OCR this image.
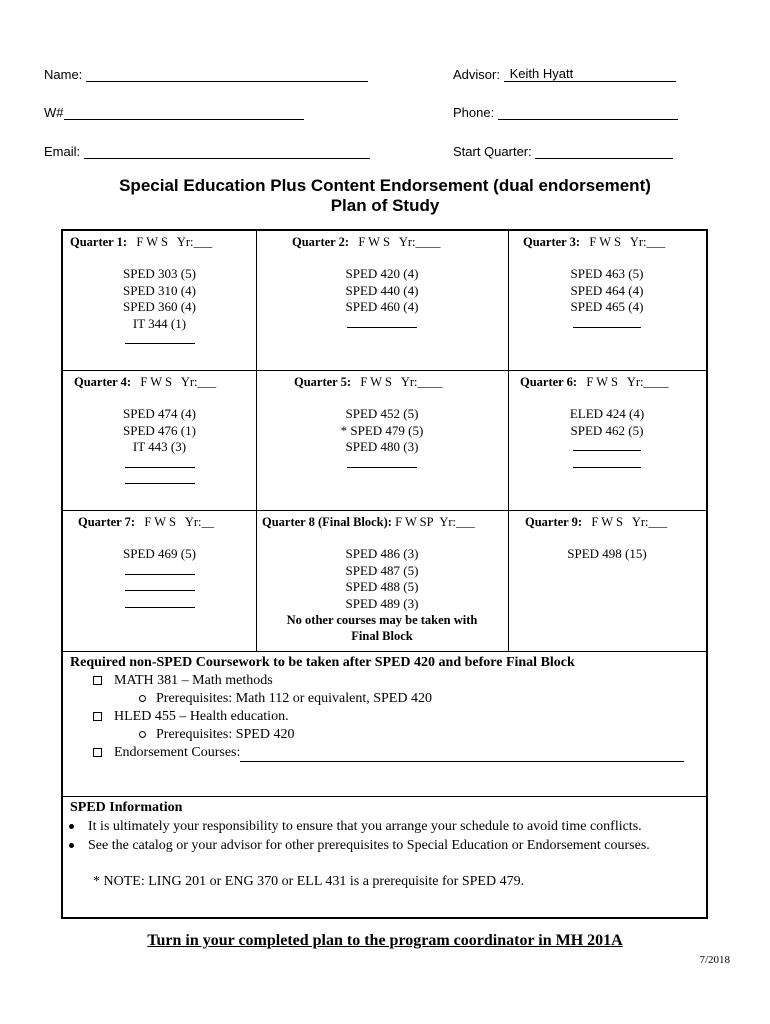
Name:	Advisor: Keith Hyatt
W#	Phone:
Email:	Start Quarter:
Special Education Plus Content Endorsement (dual endorsement)
Plan of Study
Quarter 1: F W S Yr:___
SPED 303 (5)
SPED 310 (4)
SPED 360 (4)
IT 344 (1)
Quarter 2: F W S Yr:____
SPED 420 (4)
SPED 440 (4)
SPED 460 (4)
Quarter 3: F W S Yr:___
SPED 463 (5)
SPED 464 (4)
SPED 465 (4)
Quarter 4: F W S Yr:___
SPED 474 (4)
SPED 476 (1)
IT 443 (3)
Quarter 5: F W S Yr:____
SPED 452 (5)
* SPED 479 (5)
SPED 480 (3)
Quarter 6: F W S Yr:____
ELED 424 (4)
SPED 462 (5)
Quarter 7: F W S Yr:__
SPED 469 (5)
Quarter 8 (Final Block): F W SP Yr:___
SPED 486 (3)
SPED 487 (5)
SPED 488 (5)
SPED 489 (3)
No other courses may be taken with
Final Block
Quarter 9: F W S Yr:___
SPED 498 (15)
Required non-SPED Coursework to be taken after SPED 420 and before Final Block
MATH 381 – Math methods
Prerequisites: Math 112 or equivalent, SPED 420
HLED 455 – Health education.
Prerequisites: SPED 420
Endorsement Courses:
SPED Information
It is ultimately your responsibility to ensure that you arrange your schedule to avoid time conflicts.
See the catalog or your advisor for other prerequisites to Special Education or Endorsement courses.
* NOTE: LING 201 or ENG 370 or ELL 431 is a prerequisite for SPED 479.
Turn in your completed plan to the program coordinator in MH 201A
7/2018
